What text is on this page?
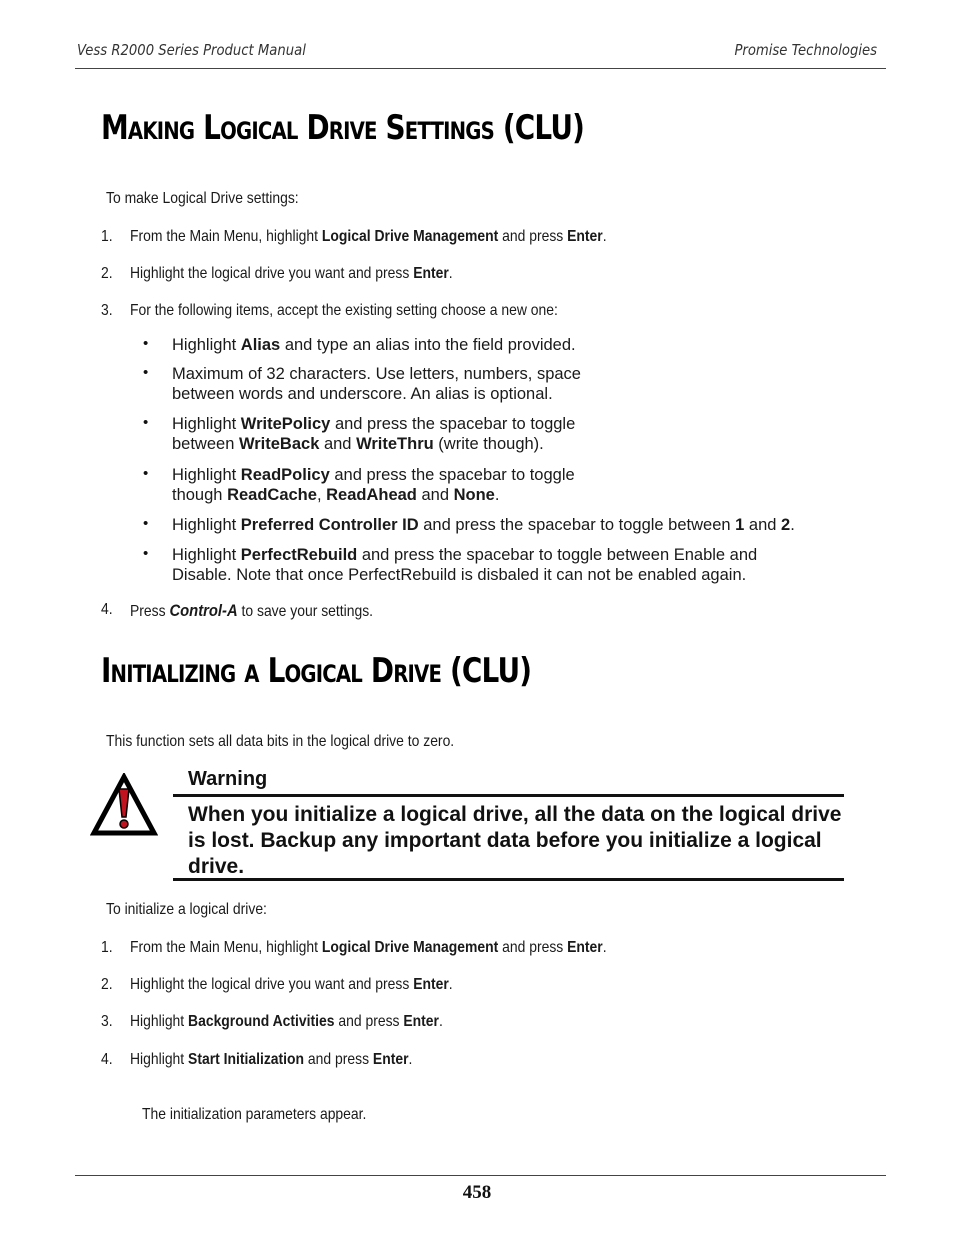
Vess R2000 Series Product Manual	Promise Technologies
Making Logical Drive Settings (CLU)
To make Logical Drive settings:
1. From the Main Menu, highlight Logical Drive Management and press Enter.
2. Highlight the logical drive you want and press Enter.
3. For the following items, accept the existing setting choose a new one:
• Highlight Alias and type an alias into the field provided.
• Maximum of 32 characters. Use letters, numbers, space
between words and underscore. An alias is optional.
• Highlight WritePolicy and press the spacebar to toggle
between WriteBack and WriteThru (write though).
• Highlight ReadPolicy and press the spacebar to toggle
though ReadCache, ReadAhead and None.
• Highlight Preferred Controller ID and press the spacebar to toggle between 1 and 2.
• Highlight PerfectRebuild and press the spacebar to toggle between Enable and
Disable. Note that once PerfectRebuild is disbaled it can not be enabled again.
4. Press Control-A to save your settings.
Initializing a Logical Drive (CLU)
This function sets all data bits in the logical drive to zero.
Warning
When you initialize a logical drive, all the data on the logical drive is lost. Backup any important data before you initialize a logical drive.
To initialize a logical drive:
1. From the Main Menu, highlight Logical Drive Management and press Enter.
2. Highlight the logical drive you want and press Enter.
3. Highlight Background Activities and press Enter.
4. Highlight Start Initialization and press Enter.
The initialization parameters appear.
458
